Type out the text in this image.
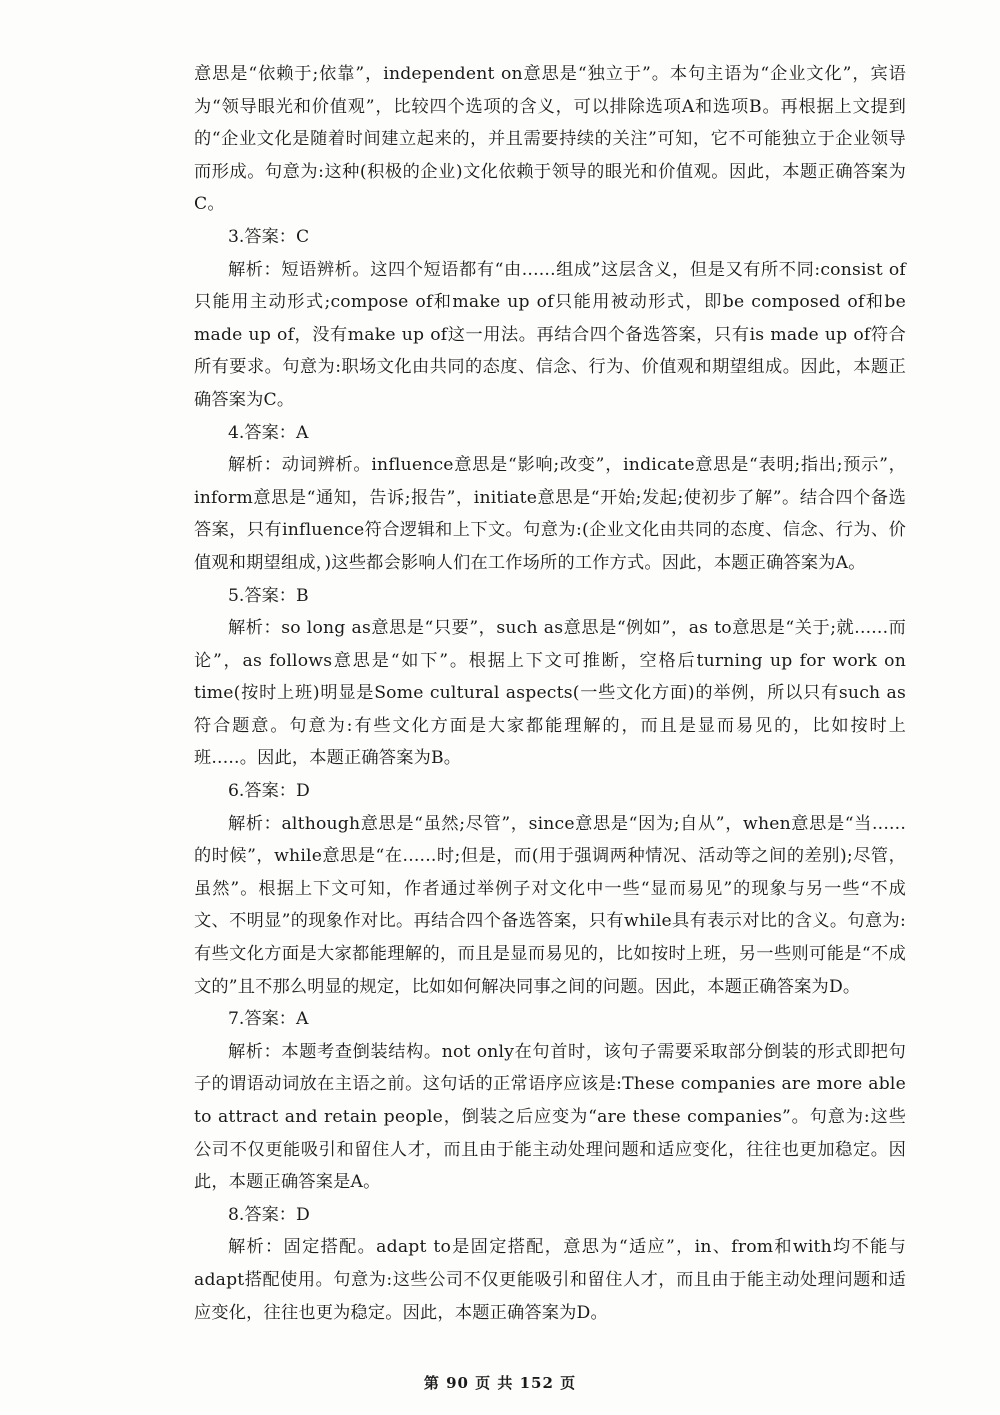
意思是“依赖于;依靠”，independent on意思是“独立于”。本句主语为“企业文化”，宾语为“领导眼光和价值观”，比较四个选项的含义，可以排除选项A和选项B。再根据上文提到的“企业文化是随着时间建立起来的，并且需要持续的关注”可知，它不可能独立于企业领导而形成。句意为:这种(积极的企业)文化依赖于领导的眼光和价值观。因此，本题正确答案为C。

3.答案：C

解析：短语辨析。这四个短语都有“由......组成”这层含义，但是又有所不同:consist of只能用主动形式;compose of和make up of只能用被动形式，即be composed of和be made up of，没有make up of这一用法。再结合四个备选答案，只有is made up of符合所有要求。句意为:职场文化由共同的态度、信念、行为、价值观和期望组成。因此，本题正确答案为C。

4.答案：A

解析：动词辨析。influence意思是“影响;改变”，indicate意思是“表明;指出;预示”，inform意思是“通知，告诉;报告”，initiate意思是“开始;发起;使初步了解”。结合四个备选答案，只有influence符合逻辑和上下文。句意为:(企业文化由共同的态度、信念、行为、价值观和期望组成，)这些都会影响人们在工作场所的工作方式。因此，本题正确答案为A。

5.答案：B

解析：so long as意思是“只要”，such as意思是“例如”，as to意思是“关于;就......而论”，as follows意思是“如下”。根据上下文可推断，空格后turning up for work on time(按时上班)明显是Some cultural aspects(一些文化方面)的举例，所以只有such as符合题意。句意为:有些文化方面是大家都能理解的，而且是显而易见的，比如按时上班.....。因此，本题正确答案为B。

6.答案：D

解析：although意思是“虽然;尽管”，since意思是“因为;自从”，when意思是“当......的时候”，while意思是“在......时;但是，而(用于强调两种情况、活动等之间的差别);尽管，虽然”。根据上下文可知，作者通过举例子对文化中一些“显而易见”的现象与另一些“不成文、不明显”的现象作对比。再结合四个备选答案，只有while具有表示对比的含义。句意为:有些文化方面是大家都能理解的，而且是显而易见的，比如按时上班，另一些则可能是“不成文的”且不那么明显的规定，比如如何解决同事之间的问题。因此，本题正确答案为D。

7.答案：A

解析：本题考查倒装结构。not only在句首时，该句子需要采取部分倒装的形式即把句子的谓语动词放在主语之前。这句话的正常语序应该是:These companies are more able to attract and retain people，倒装之后应变为“are these companies”。句意为:这些公司不仅更能吸引和留住人才，而且由于能主动处理问题和适应变化，往往也更加稳定。因此，本题正确答案是A。

8.答案：D

解析：固定搭配。adapt to是固定搭配，意思为“适应”，in、from和with均不能与adapt搭配使用。句意为:这些公司不仅更能吸引和留住人才，而且由于能主动处理问题和适应变化，往往也更为稳定。因此，本题正确答案为D。

第 90 页 共 152 页
